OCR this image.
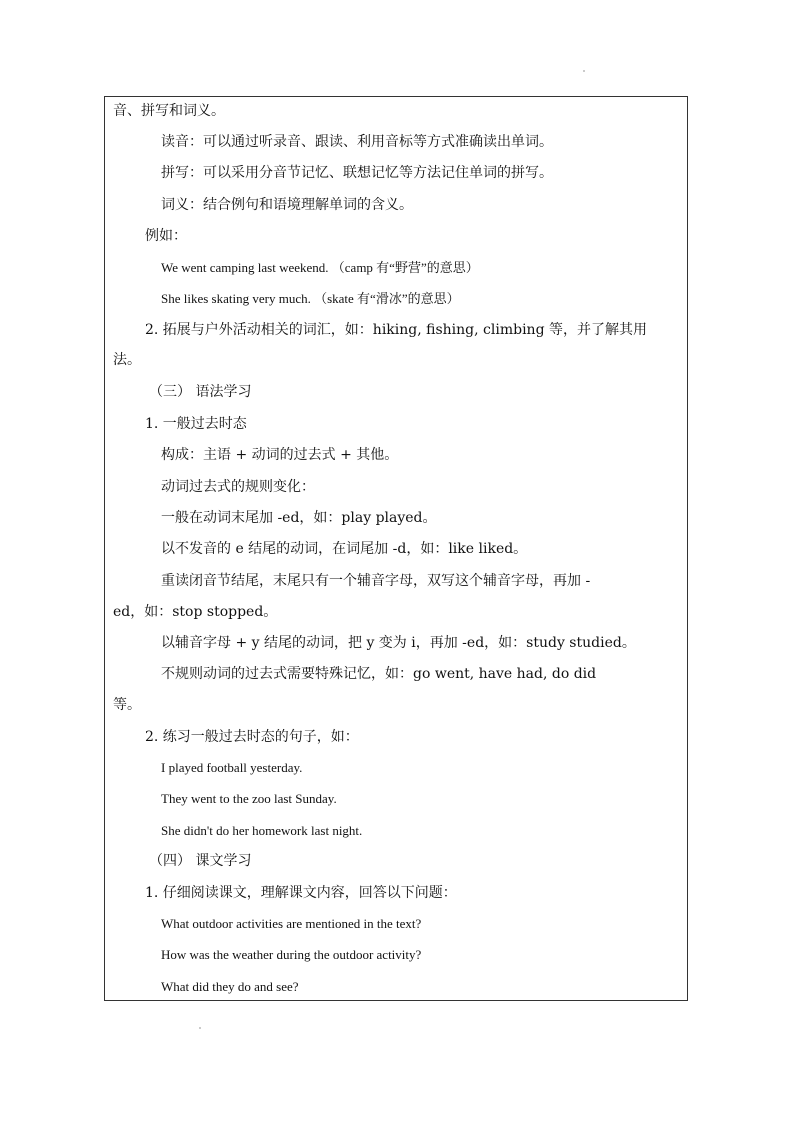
音、拼写和词义。
读音：可以通过听录音、跟读、利用音标等方式准确读出单词。
拼写：可以采用分音节记忆、联想记忆等方法记住单词的拼写。
词义：结合例句和语境理解单词的含义。
例如：
We went camping last weekend. （camp 有“野营”的意思）
She likes skating very much. （skate 有“滑冰”的意思）
2. 拓展与户外活动相关的词汇，如：hiking, fishing, climbing 等，并了解其用
法。
（三） 语法学习
1. 一般过去时态
构成：主语 + 动词的过去式 + 其他。
动词过去式的规则变化：
一般在动词末尾加 -ed，如：play played。
以不发音的 e 结尾的动词，在词尾加 -d，如：like liked。
重读闭音节结尾，末尾只有一个辅音字母，双写这个辅音字母，再加 -
ed，如：stop stopped。
以辅音字母 + y 结尾的动词，把 y 变为 i，再加 -ed，如：study studied。
不规则动词的过去式需要特殊记忆，如：go went, have had, do did
等。
2. 练习一般过去时态的句子，如：
I played football yesterday.
They went to the zoo last Sunday.
She didn't do her homework last night.
（四） 课文学习
1. 仔细阅读课文，理解课文内容，回答以下问题：
What outdoor activities are mentioned in the text?
How was the weather during the outdoor activity?
What did they do and see?
